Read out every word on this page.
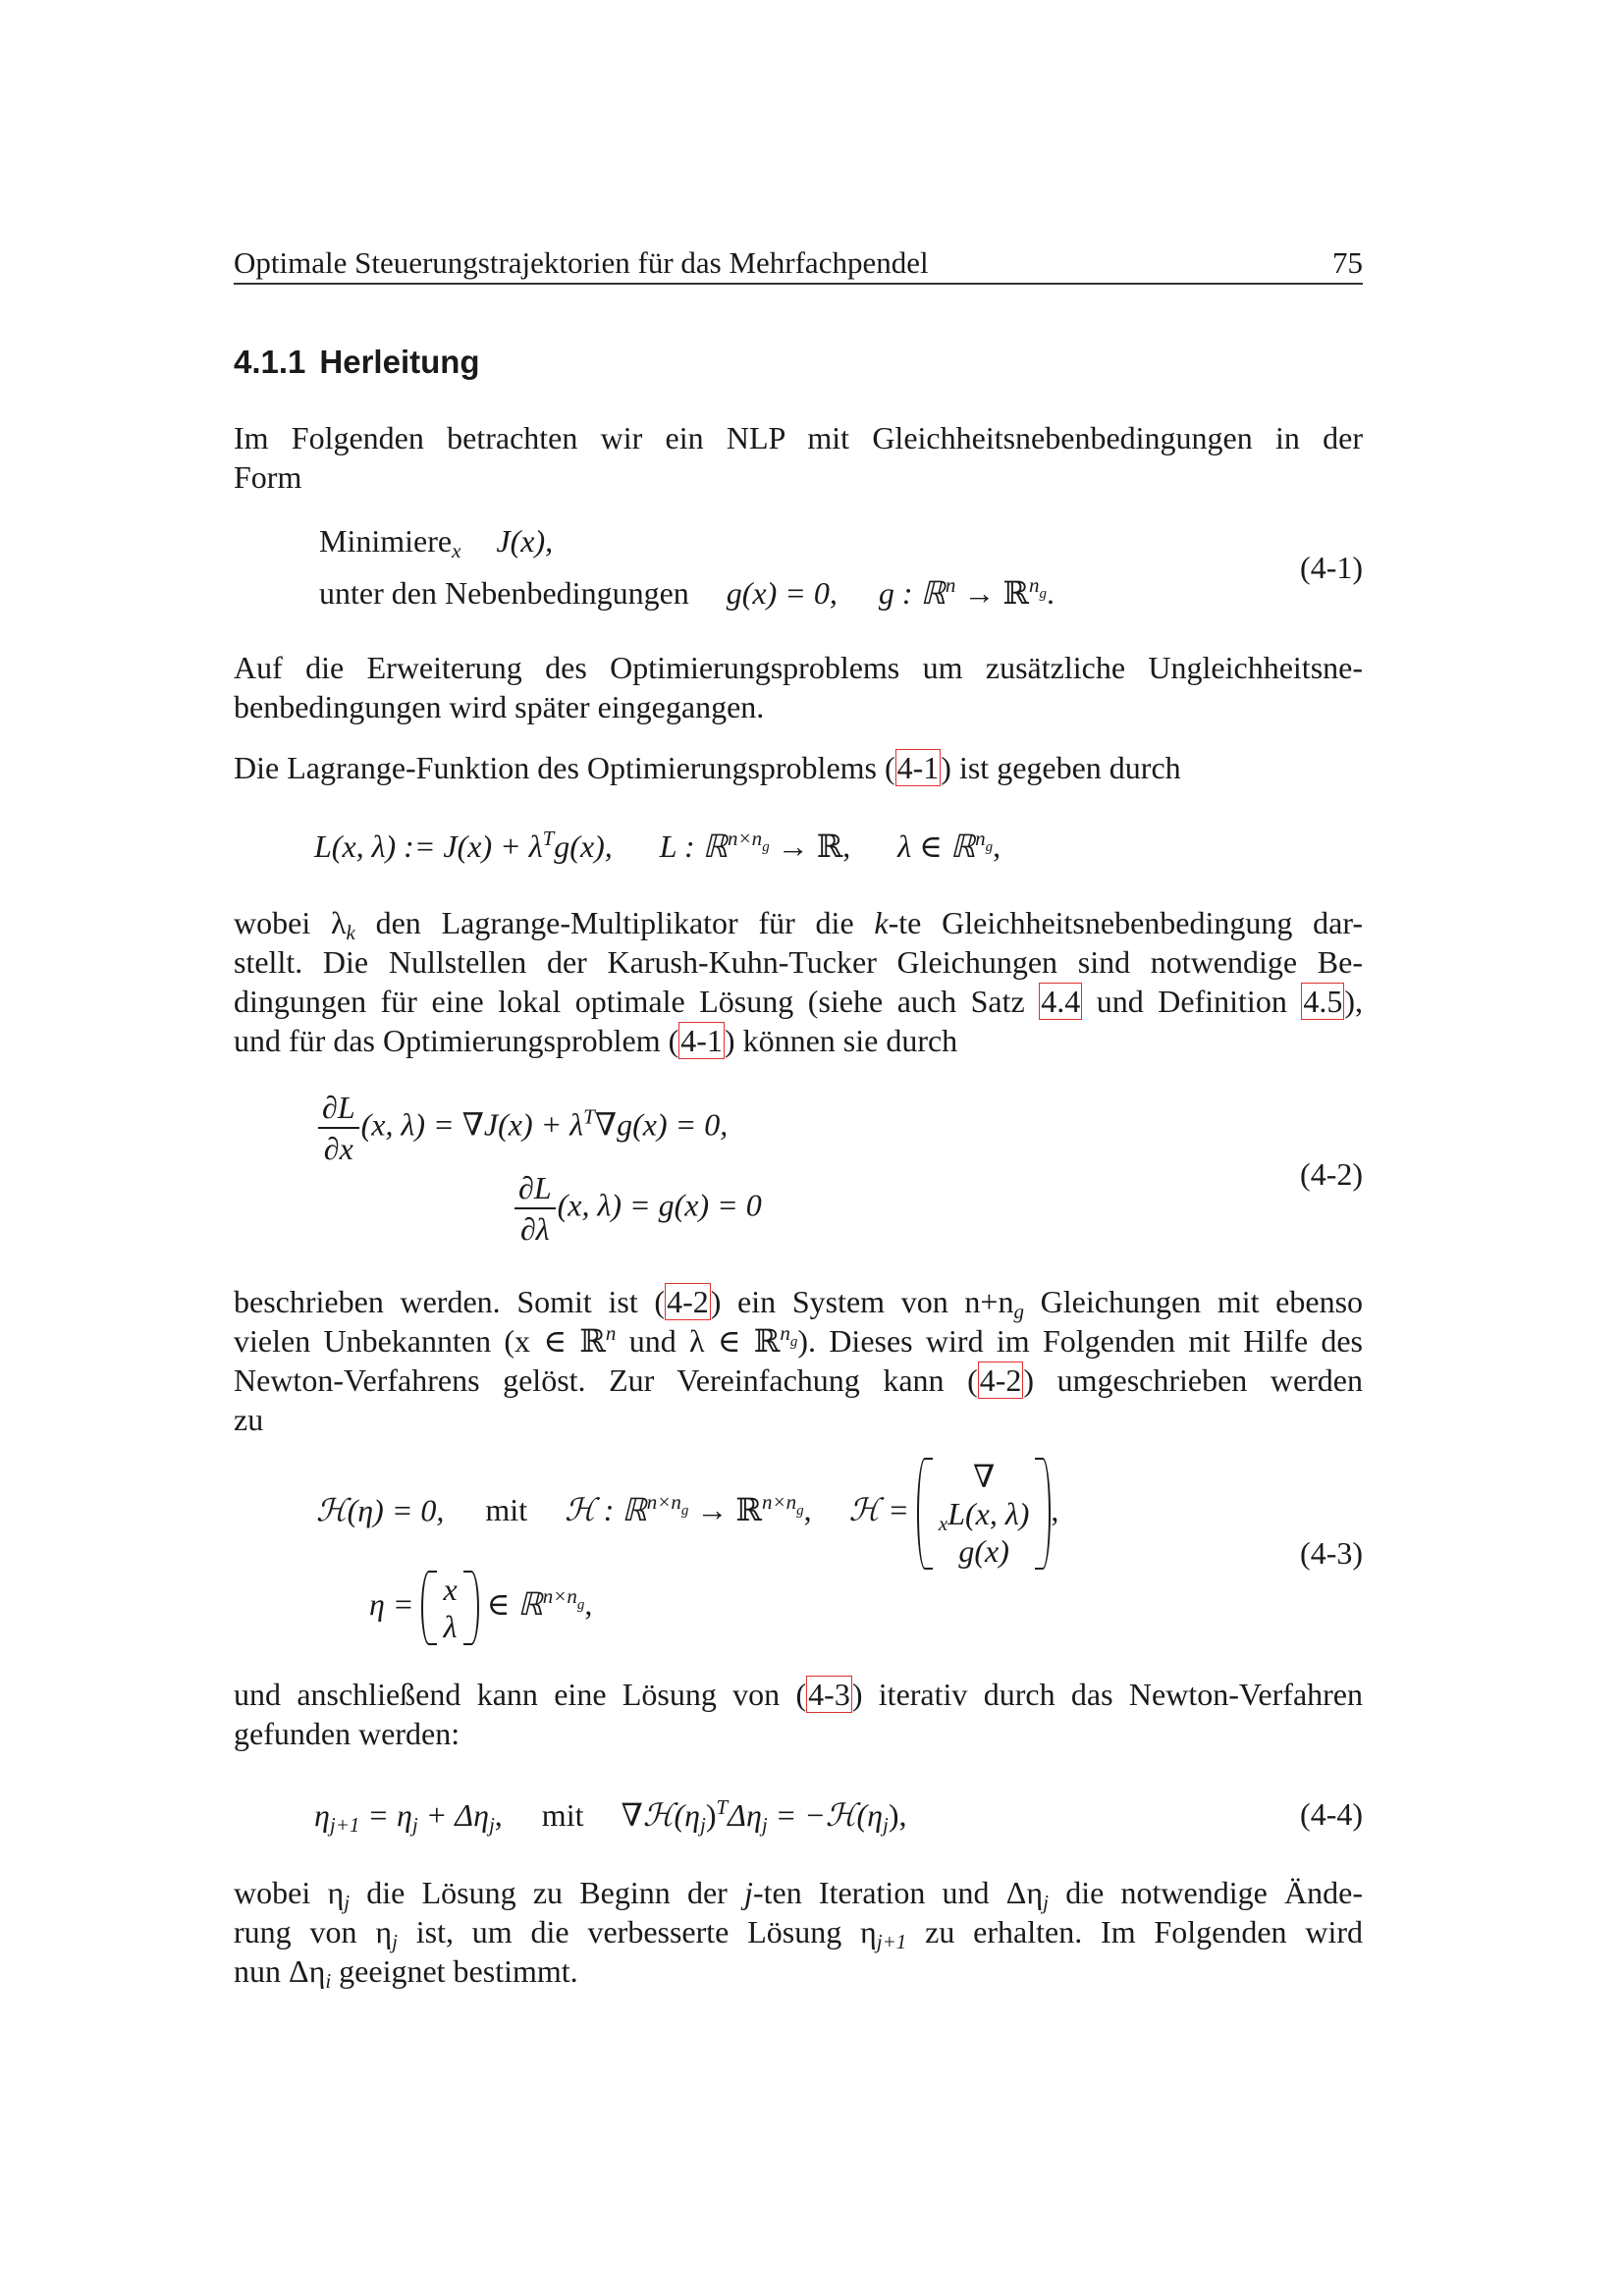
Optimale Steuerungstrajektorien für das Mehrfachpendel	75
4.1.1 Herleitung
Im Folgenden betrachten wir ein NLP mit Gleichheitsnebenbedingungen in der
Form
Minimiere$_x$ J(x),
unter den Nebenbedingungen g(x) = 0, g : ℝ$^n$ → ℝ$^{n_g}$.
(4-1)
Auf die Erweiterung des Optimierungsproblems um zusätzliche Ungleichheitsne-
benbedingungen wird später eingegangen.
Die Lagrange-Funktion des Optimierungsproblems (4-1) ist gegeben durch
L(x, λ) := $J(x) + \lambda^Tg(x)$, L : ℝ$^{n\times n_g}$ → ℝ, λ ∈ ℝ$^{n_g}$,
wobei $\lambda_k$ den Lagrange-Multiplikator für die k-te Gleichheitsnebenbedingung dar-
stellt. Die Nullstellen der Karush-Kuhn-Tucker Gleichungen sind notwendige Be-
dingungen für eine lokal optimale Lösung (siehe auch Satz 4.4 und Definition 4.5),
und für das Optimierungsproblem (4-1) können sie durch
$\frac{\partial L}{\partial x} (x$, $\lambda) = \nabla J(x) + \lambda^T\nabla g(x) = 0$,
$\frac{\partial L}{\partial\lambda} (x$, λ) = g(x) = 0
(4-2)
beschrieben werden. Somit ist (4-2) ein System von $n+n_g$ Gleichungen mit ebenso
vielen Unbekannten (x ∈ ℝ$^n$ und λ ∈ ℝ$^{n_g}$). Dieses wird im Folgenden mit Hilfe des
Newton-Verfahrens gelöst. Zur Vereinfachung kann (4-2) umgeschrieben werden
zu
ℋ(η) = 0, mit ℋ : ℝ$^{n\times n_g}$ → ℝ$^{n\times n_g}$, ℋ =
∇
$_x$L(x, λ)
g(x)
,
η = x
λ
∈ ℝ$^{n\times n_g}$,
(4-3)
und anschließend kann eine Lösung von (4-3) iterativ durch das Newton-Verfahren
gefunden werden:
$\eta_{j+1} = \eta_j + \Delta\eta_j$, mit $\nabla ℋ(\eta_j)^T\Delta\eta_j$ = $-ℋ(\eta_j)$,	(4-4)
wobei $\eta_j$ die Lösung zu Beginn der j-ten Iteration und $\Delta\eta_j$ die notwendige Ände-
rung von $\eta_j$ ist, um die verbesserte Lösung $\eta_{j+1}$ zu erhalten. Im Folgenden wird
nun $\Delta\eta_i$ geeignet bestimmt.
